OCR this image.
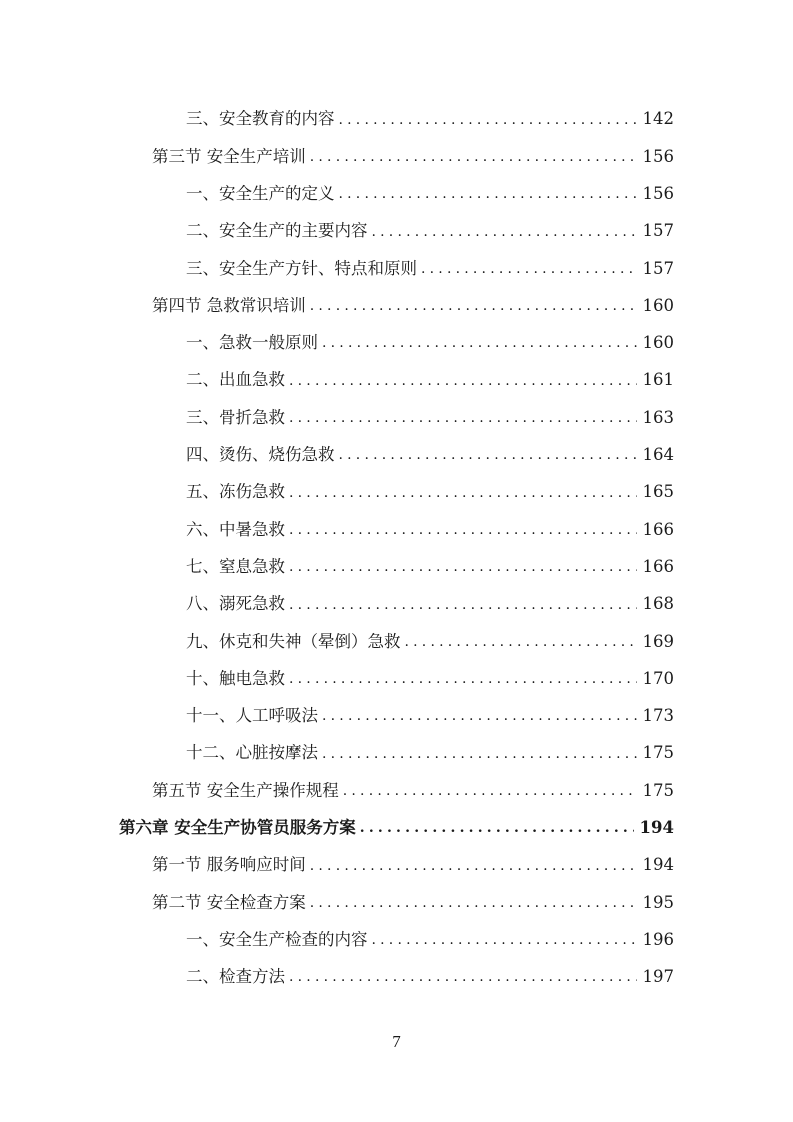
三、安全教育的内容 .....	142
第三节 安全生产培训 .....	156
一、安全生产的定义 .....	156
二、安全生产的主要内容 .....	157
三、安全生产方针、特点和原则 .....	157
第四节 急救常识培训 .....	160
一、急救一般原则 .....	160
二、出血急救 .....	161
三、骨折急救 .....	163
四、烫伤、烧伤急救 .....	164
五、冻伤急救 .....	165
六、中暑急救 .....	166
七、窒息急救 .....	166
八、溺死急救 .....	168
九、休克和失神（晕倒）急救 .....	169
十、触电急救 .....	170
十一、人工呼吸法 .....	173
十二、心脏按摩法 .....	175
第五节 安全生产操作规程 .....	175
第六章 安全生产协管员服务方案 .....	194
第一节 服务响应时间 .....	194
第二节 安全检查方案 .....	195
一、安全生产检查的内容 .....	196
二、检查方法 .....	197
7
